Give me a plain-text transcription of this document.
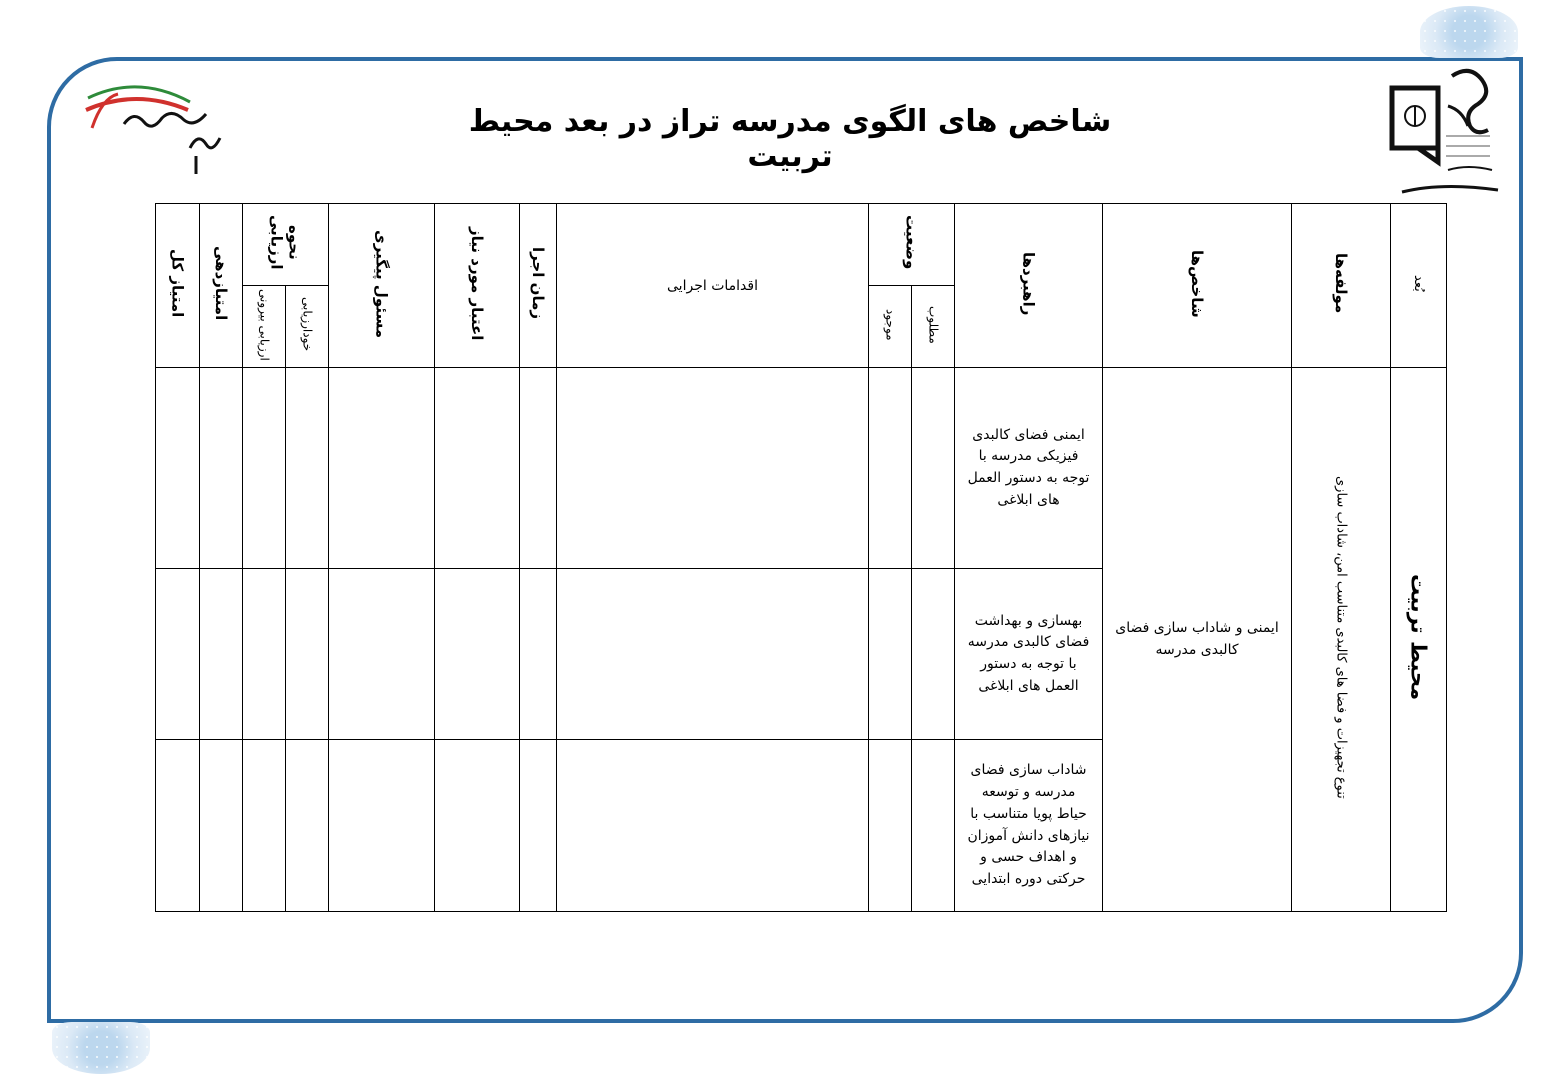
شاخص های الگوی مدرسه تراز در بعد محیط تربیت
بُعد	مولفه‌ها	شاخص‌ها	راهبردها	وضعیت		اقدامات اجرایی	زمان اجرا	اعتبار مورد نیاز	مسئول پیگیری	نحوه ارزیابی		امتیازدهی	امتیاز کل
				مطلوب	موجود					خودارزیابی	ارزیابی بیرونی		
محیط تربیت	تنوع تجهیزات و فضا های کالبدی متناسب امن، شاداب سازی	ایمنی و شاداب سازی فضای کالبدی مدرسه	ایمنی فضای کالبدی فیزیکی مدرسه با توجه به دستور العمل های ابلاغی										

			بهسازی و بهداشت فضای کالبدی مدرسه با توجه به دستور العمل های ابلاغی										

			شاداب سازی فضای مدرسه و توسعه حیاط پویا متناسب با نیازهای دانش آموزان و اهداف حسی و حرکتی دوره ابتدایی										
